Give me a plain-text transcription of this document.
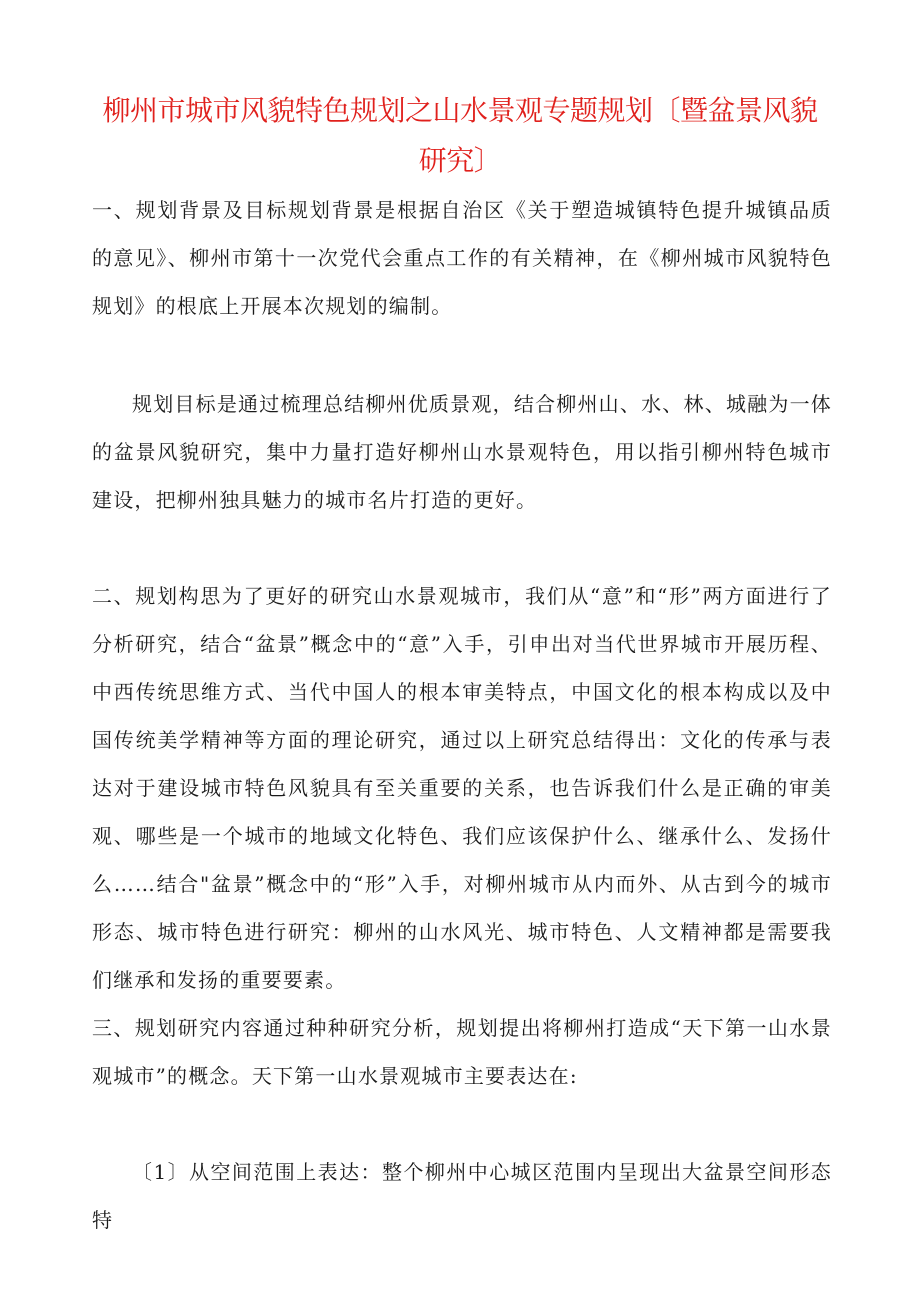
柳州市城市风貌特色规划之山水景观专题规划〔暨盆景风貌研究〕

一、规划背景及目标规划背景是根据自治区《关于塑造城镇特色提升城镇品质的意见》、柳州市第十一次党代会重点工作的有关精神，在《柳州城市风貌特色规划》的根底上开展本次规划的编制。

规划目标是通过梳理总结柳州优质景观，结合柳州山、水、林、城融为一体的盆景风貌研究，集中力量打造好柳州山水景观特色，用以指引柳州特色城市建设，把柳州独具魅力的城市名片打造的更好。

二、规划构思为了更好的研究山水景观城市，我们从“意”和“形”两方面进行了分析研究，结合“盆景”概念中的“意”入手，引申出对当代世界城市开展历程、中西传统思维方式、当代中国人的根本审美特点，中国文化的根本构成以及中国传统美学精神等方面的理论研究，通过以上研究总结得出：文化的传承与表达对于建设城市特色风貌具有至关重要的关系，也告诉我们什么是正确的审美观、哪些是一个城市的地域文化特色、我们应该保护什么、继承什么、发扬什么……结合"盆景”概念中的“形”入手，对柳州城市从内而外、从古到今的城市形态、城市特色进行研究：柳州的山水风光、城市特色、人文精神都是需要我们继承和发扬的重要要素。

三、规划研究内容通过种种研究分析，规划提出将柳州打造成“天下第一山水景观城市”的概念。天下第一山水景观城市主要表达在:

〔1〕从空间范围上表达：整个柳州中心城区范围内呈现出大盆景空间形态特
